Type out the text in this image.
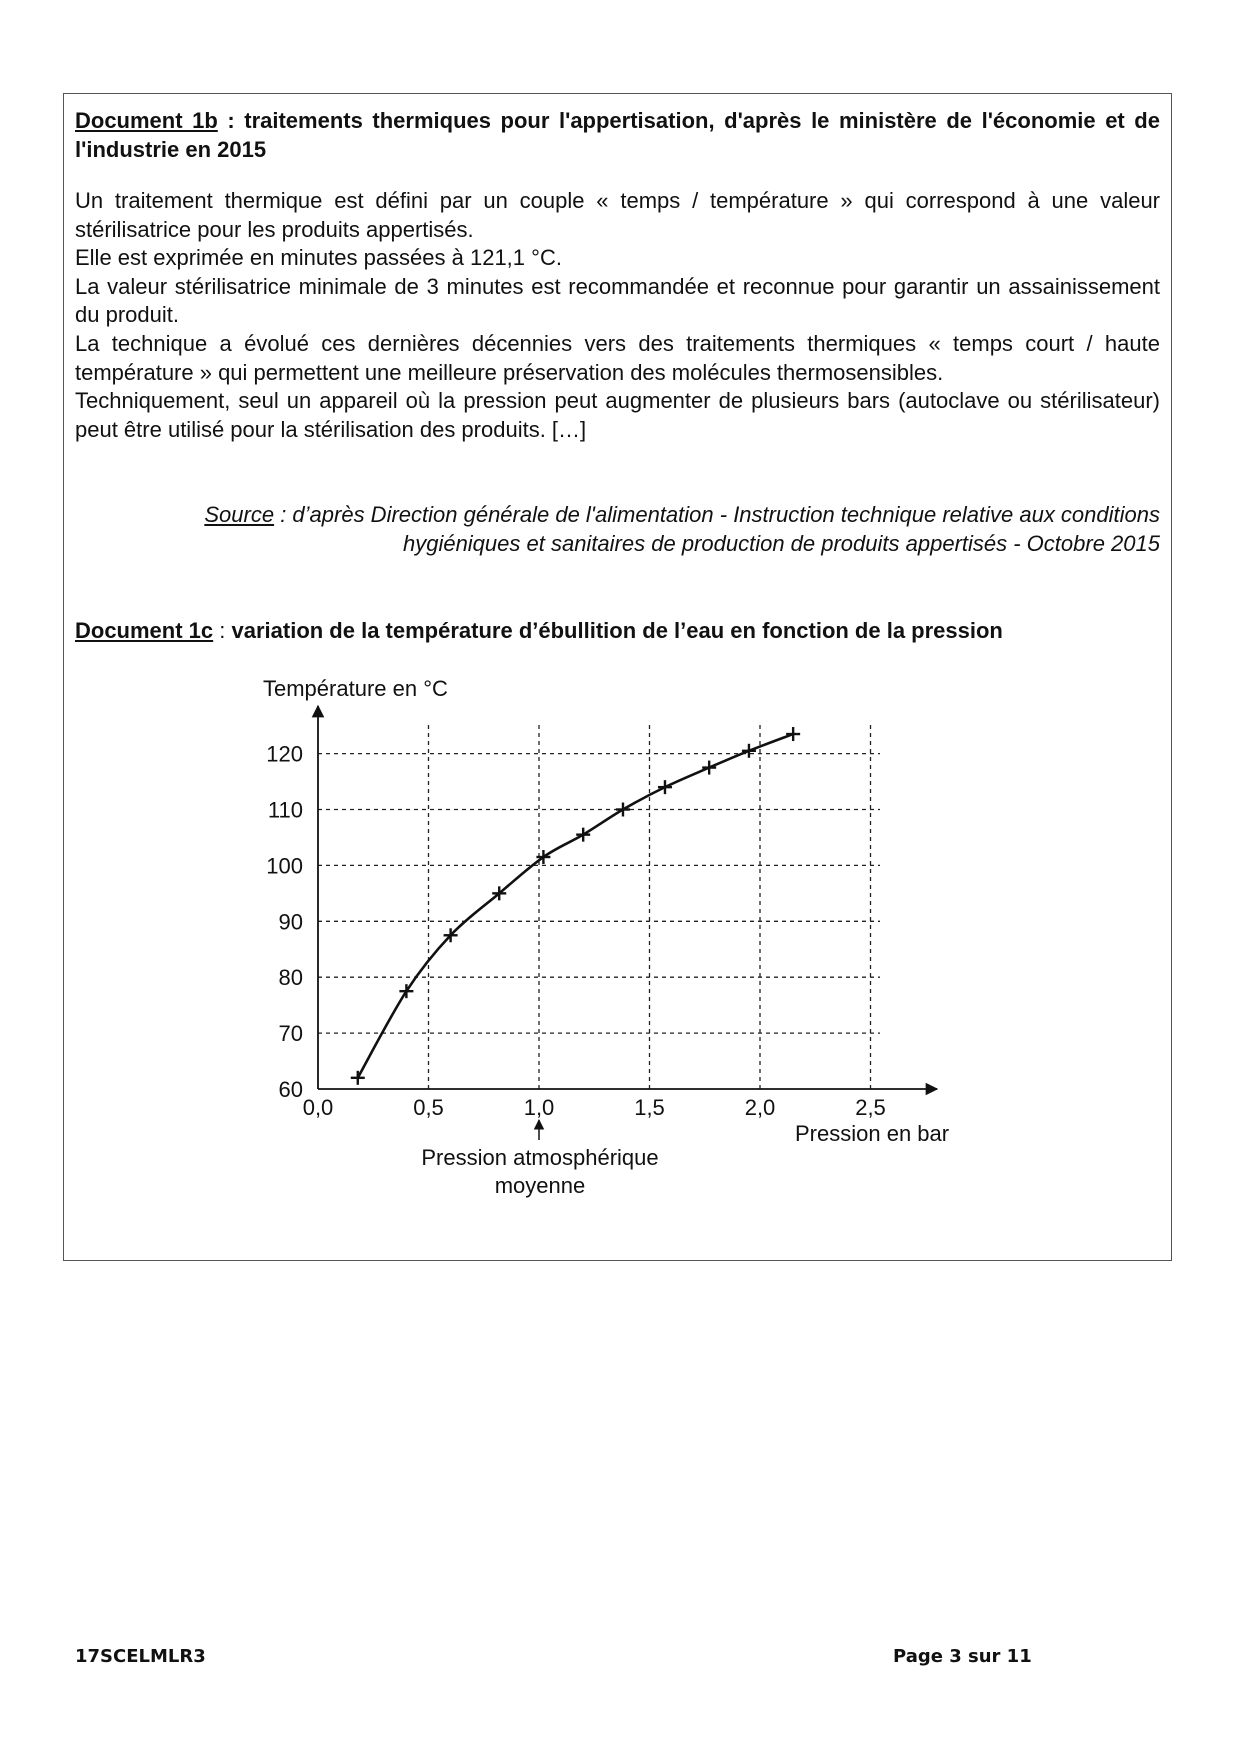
Document 1b : traitements thermiques pour l'appertisation, d'après le ministère de l'économie et de l'industrie en 2015

Un traitement thermique est défini par un couple « temps / température » qui correspond à une valeur stérilisatrice pour les produits appertisés.

Elle est exprimée en minutes passées à 121,1 °C.

La valeur stérilisatrice minimale de 3 minutes est recommandée et reconnue pour garantir un assainissement du produit.

La technique a évolué ces dernières décennies vers des traitements thermiques « temps court / haute température » qui permettent une meilleure préservation des molécules thermosensibles.

Techniquement, seul un appareil où la pression peut augmenter de plusieurs bars (autoclave ou stérilisateur) peut être utilisé pour la stérilisation des produits. […]

Source : d’après Direction générale de l'alimentation - Instruction technique relative aux conditions
hygiéniques et sanitaires de production de produits appertisés - Octobre 2015
Document 1c : variation de la température d’ébullition de l’eau en fonction de la pression
60
70
80
90
100
110
120
0,0	0,5	1,0	1,5	2,0	2,5
Température en °C
Pression en bar
Pression atmosphérique
moyenne
17SCELMLR3	Page 3 sur 11
